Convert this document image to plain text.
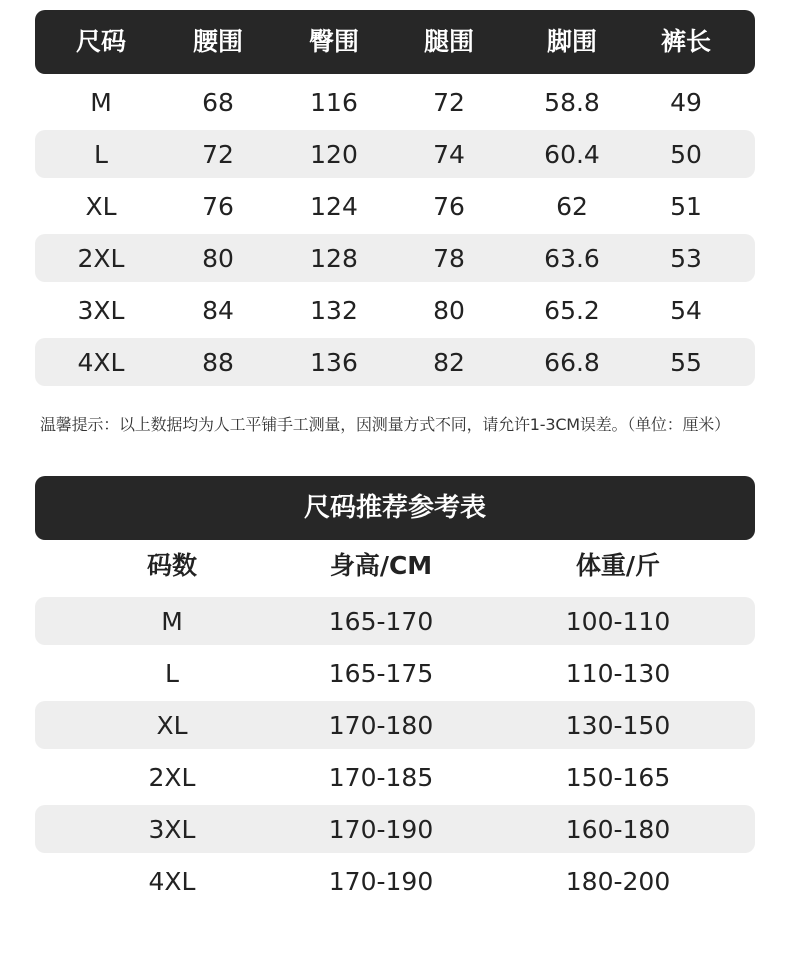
尺码	腰围	臀围	腿围	脚围	裤长
M	68	116	72	58.8	49
L	72	120	74	60.4	50
XL	76	124	76	62	51
2XL	80	128	78	63.6	53
3XL	84	132	80	65.2	54
4XL	88	136	82	66.8	55
温馨提示：以上数据均为人工平铺手工测量，因测量方式不同，请允许1-3CM误差。（单位：厘米）
尺码推荐参考表
码数	身高/CM	体重/斤
M	165-170	100-110
L	165-175	110-130
XL	170-180	130-150
2XL	170-185	150-165
3XL	170-190	160-180
4XL	170-190	180-200
